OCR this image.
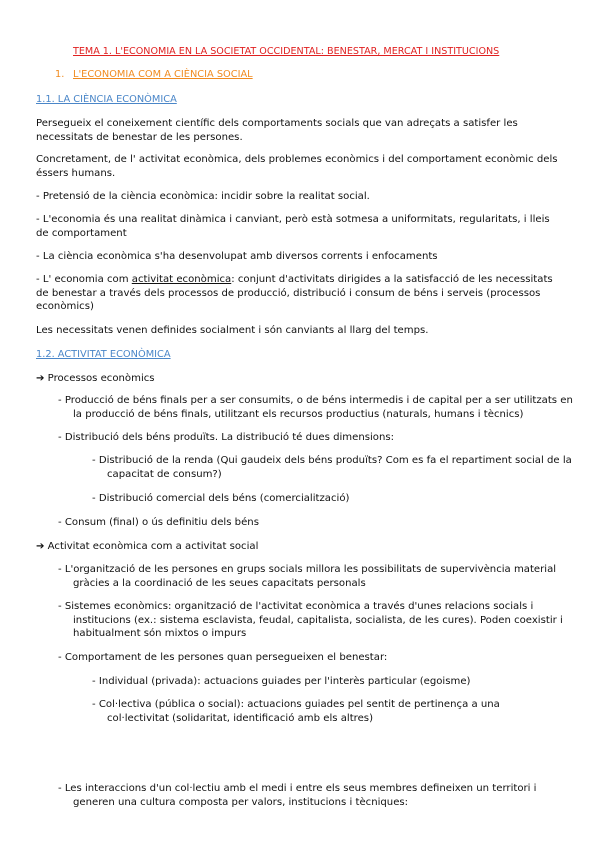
TEMA 1. L'ECONOMIA EN LA SOCIETAT OCCIDENTAL: BENESTAR, MERCAT I INSTITUCIONS
1. L'ECONOMIA COM A CIÈNCIA SOCIAL
1.1. LA CIÈNCIA ECONÒMICA
Persegueix el coneixement científic dels comportaments socials que van adreçats a satisfer les necessitats de benestar de les persones.
Concretament, de l' activitat econòmica, dels problemes econòmics i del comportament econòmic dels éssers humans.
- Pretensió de la ciència econòmica: incidir sobre la realitat social.
- L'economia és una realitat dinàmica i canviant, però està sotmesa a uniformitats, regularitats, i lleis de comportament
- La ciència econòmica s'ha desenvolupat amb diversos corrents i enfocaments
- L' economia com activitat econòmica: conjunt d'activitats dirigides a la satisfacció de les necessitats de benestar a través dels processos de producció, distribució i consum de béns i serveis (processos econòmics)
Les necessitats venen definides socialment i són canviants al llarg del temps.
1.2. ACTIVITAT ECONÒMICA
➔ Processos econòmics
- Producció de béns finals per a ser consumits, o de béns intermedis i de capital per a ser utilitzats en la producció de béns finals, utilitzant els recursos productius (naturals, humans i tècnics)
- Distribució dels béns produïts. La distribució té dues dimensions:
- Distribució de la renda (Qui gaudeix dels béns produïts? Com es fa el repartiment social de la capacitat de consum?)
- Distribució comercial dels béns (comercialització)
- Consum (final) o ús definitiu dels béns
➔ Activitat econòmica com a activitat social
- L'organització de les persones en grups socials millora les possibilitats de supervivència material gràcies a la coordinació de les seues capacitats personals
- Sistemes econòmics: organització de l'activitat econòmica a través d'unes relacions socials i institucions (ex.: sistema esclavista, feudal, capitalista, socialista, de les cures). Poden coexistir i habitualment són mixtos o impurs
- Comportament de les persones quan persegueixen el benestar:
- Individual (privada): actuacions guiades per l'interès particular (egoisme)
- Col·lectiva (pública o social): actuacions guiades pel sentit de pertinença a una col·lectivitat (solidaritat, identificació amb els altres)
- Les interaccions d'un col·lectiu amb el medi i entre els seus membres defineixen un territori i generen una cultura composta per valors, institucions i tècniques:
